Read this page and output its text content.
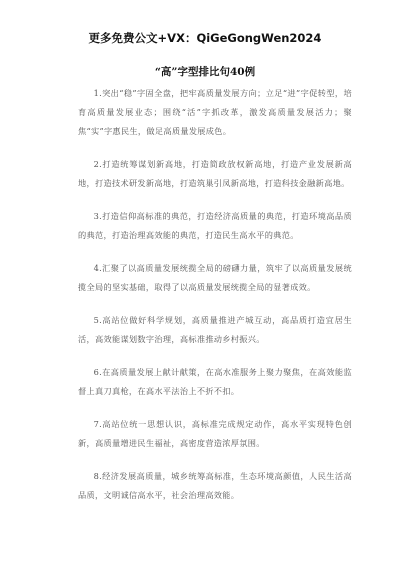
更多免费公文+VX：QiGeGongWen2024
“高”字型排比句40例

1.突出“稳”字固全盘，把牢高质量发展方向；立足“进”字促转型，培育高质量发展业态；围绕“活”字抓改革，激发高质量发展活力；聚焦“实”字惠民生，做足高质量发展成色。

2.打造统筹谋划新高地，打造简政放权新高地，打造产业发展新高地，打造技术研发新高地，打造筑巢引凤新高地，打造科技金融新高地。

3.打造信仰高标准的典范，打造经济高质量的典范，打造环境高品质的典范，打造治理高效能的典范，打造民生高水平的典范。

4.汇聚了以高质量发展统揽全局的磅礴力量，筑牢了以高质量发展统揽全局的坚实基础，取得了以高质量发展统揽全局的显著成效。

5.高站位做好科学规划，高质量推进产城互动，高品质打造宜居生活，高效能谋划数字治理，高标准推动乡村振兴。

6.在高质量发展上献计献策，在高水准服务上聚力聚焦，在高效能监督上真刀真枪，在高水平法治上不折不扣。

7.高站位统一思想认识，高标准完成规定动作，高水平实现特色创新，高质量增进民生福祉，高密度营造浓厚氛围。

8.经济发展高质量，城乡统筹高标准，生态环境高颜值，人民生活高品质，文明诚信高水平，社会治理高效能。
